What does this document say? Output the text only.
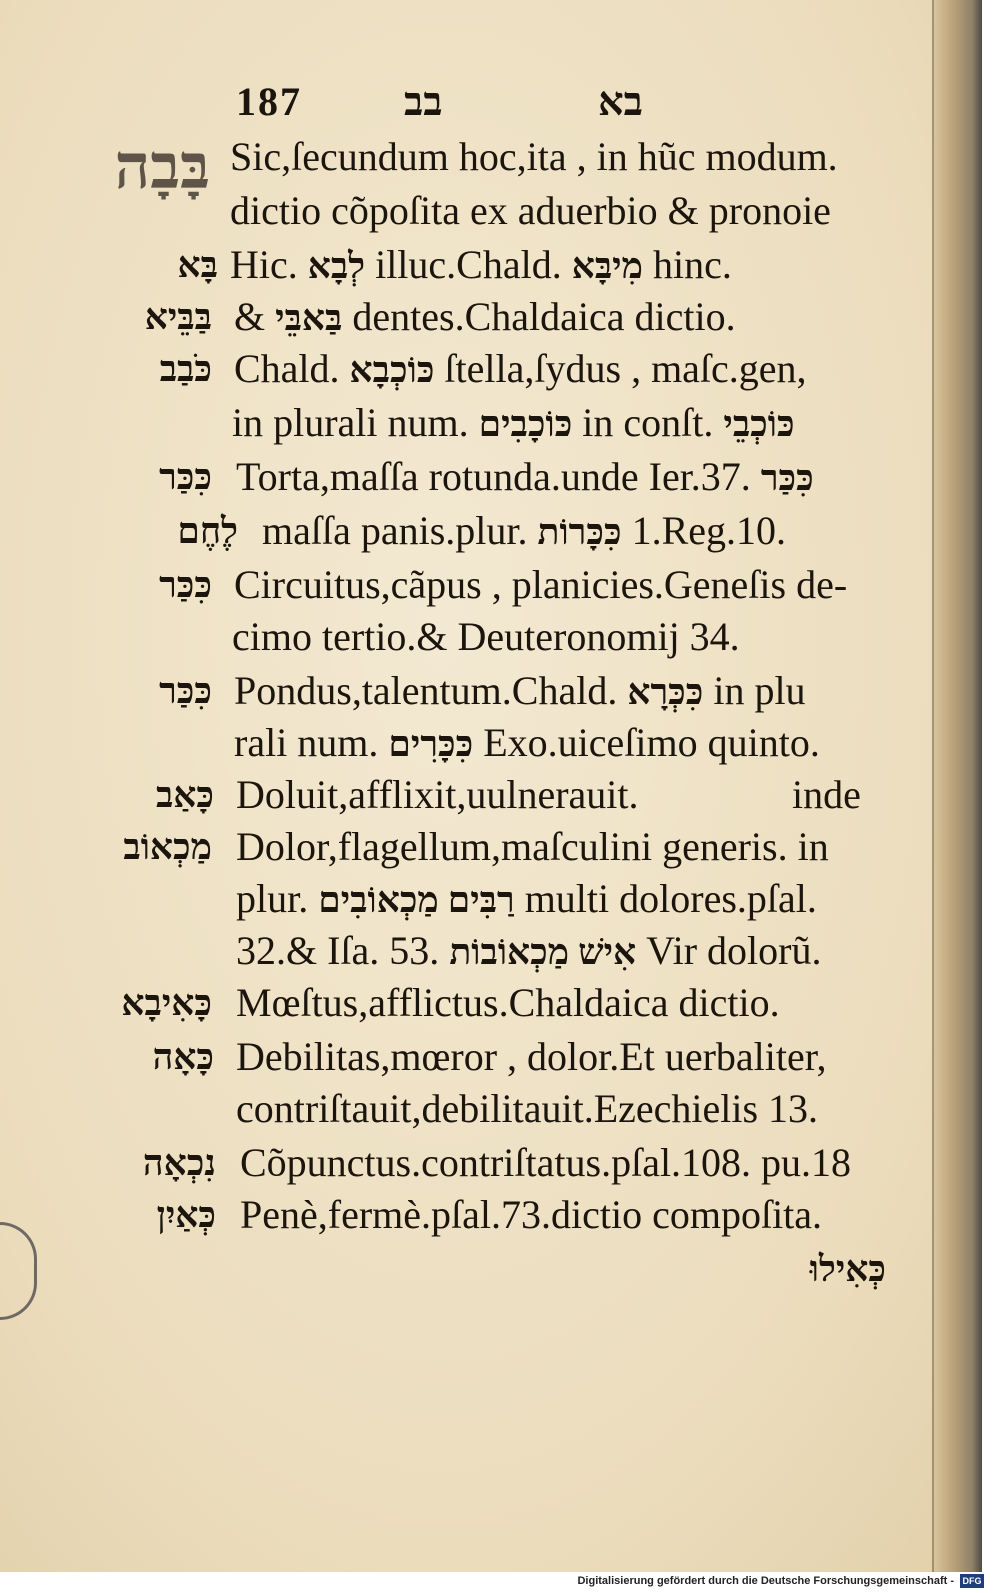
187	בב	בא
בָּבָה Sic,ſecundum hoc,ita , in hũc modum.
dictio cõpoſita ex aduerbio & pronoie
בָּא Hic. לְבָא illuc.Chald. מִיבָּא hinc.
בַּבֵּיא & בַּאבֵּי dentes.Chaldaica dictio.
כֹּבַב Chald. כּוֹכְבָא ſtella,ſydus , maſc.gen,
in plurali num. כּוֹכָבִים in conſt. כּוֹכְבֵי
כִּכַּר Torta,maſſa rotunda.unde Ier.37. כִּכַּר
לֶחֶם maſſa panis.plur. כִּכָּרוֹת 1.Reg.10.
כִּכַּר Circuitus,cãpus , planicies.Geneſis de-
cimo tertio.& Deuteronomij 34.
כִּכַּר Pondus,talentum.Chald. כִּכְּרָא in plu
rali num. כִּכָּרִים Exo.uiceſimo quinto.
כָּאַב Doluit,afflixit,uulnerauit.	inde
מַכְאוֹב Dolor,flagellum,maſculini generis. in
plur. רַבִּים מַכְאוֹבִים multi dolores.pſal.
32.& Iſa. 53. אִישׁ מַכְאוֹבוֹת Vir dolorũ.
כָּאִיבָא Mœſtus,afflictus.Chaldaica dictio.
כָּאָה Debilitas,mœror , dolor.Et uerbaliter,
contriſtauit,debilitauit.Ezechielis 13.
נִכְאָה Cõpunctus.contriſtatus.pſal.108. pu.18
כְּאַיִן Penè,fermè.pſal.73.dictio compoſita.
כְּאִילוּ
Digitalisierung gefördert durch die Deutsche Forschungsgemeinschaft - DFG
